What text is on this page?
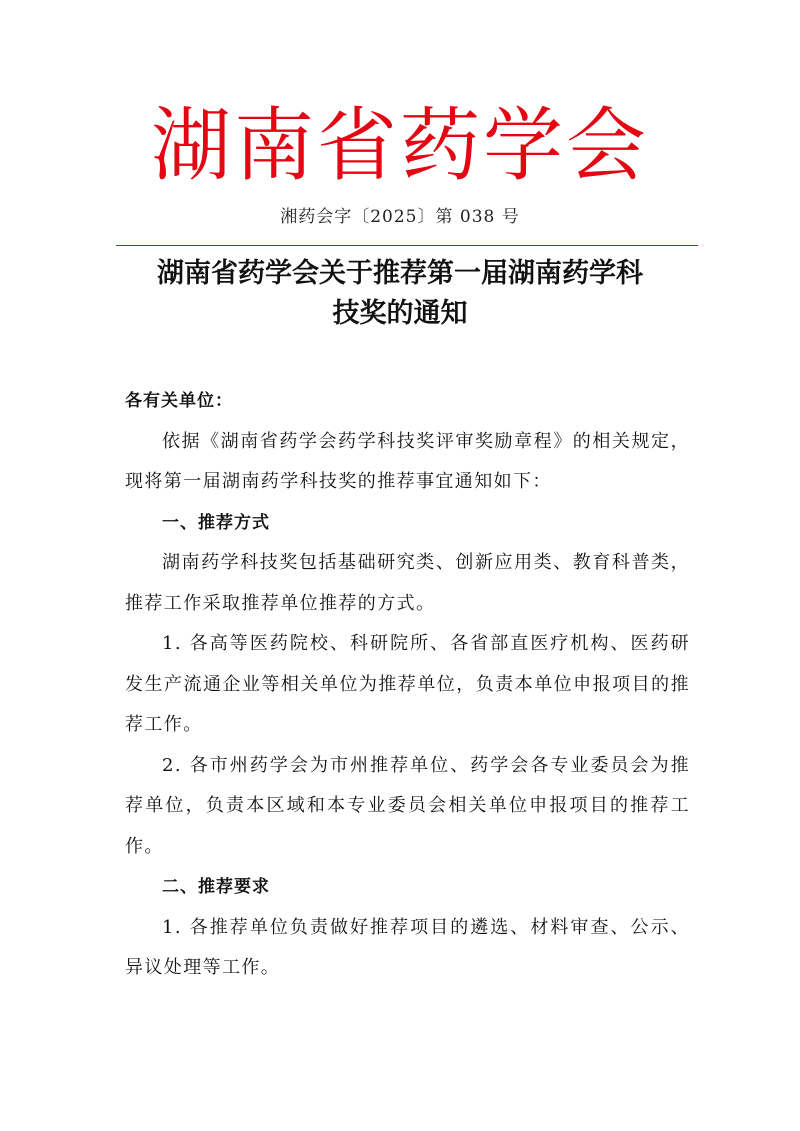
湖南省药学会
湘药会字〔2025〕第 038 号
湖南省药学会关于推荐第一届湖南药学科
技奖的通知

各有关单位：

依据《湖南省药学会药学科技奖评审奖励章程》的相关规定， 现将第一届湖南药学科技奖的推荐事宜通知如下：

一、推荐方式

湖南药学科技奖包括基础研究类、创新应用类、教育科普类，推荐工作采取推荐单位推荐的方式。

1. 各高等医药院校、科研院所、各省部直医疗机构、医药研发生产流通企业等相关单位为推荐单位，负责本单位申报项目的推荐工作。

2. 各市州药学会为市州推荐单位、药学会各专业委员会为推荐单位，负责本区域和本专业委员会相关单位申报项目的推荐工作。

二、推荐要求

1. 各推荐单位负责做好推荐项目的遴选、材料审查、公示、异议处理等工作。
